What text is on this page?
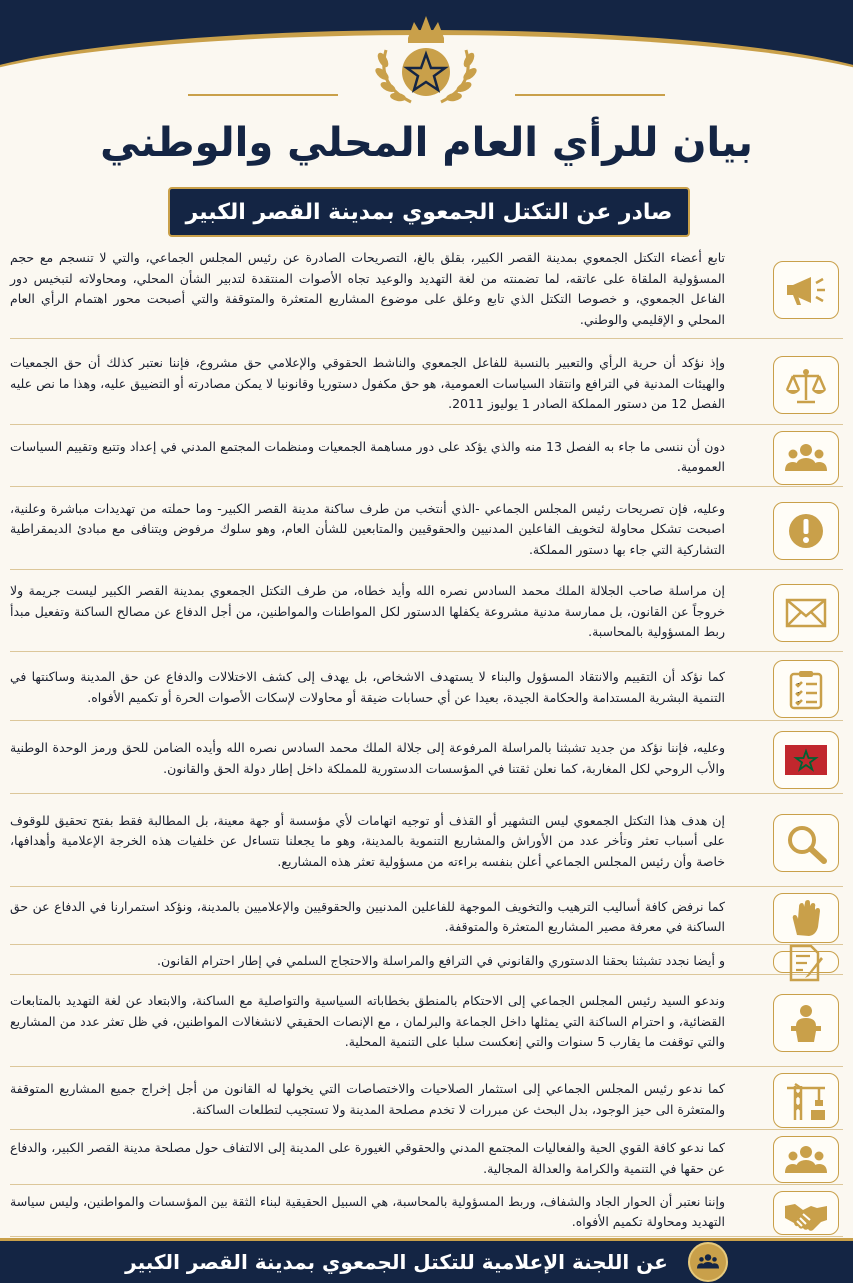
بيان للرأي العام المحلي والوطني
صادر عن التكتل الجمعوي بمدينة القصر الكبير

تابع أعضاء التكتل الجمعوي بمدينة القصر الكبير، بقلق بالغ، التصريحات الصادرة عن رئيس المجلس الجماعي، والتي لا تنسجم مع حجم المسؤولية الملقاة على عاتقه، لما تضمنته من لغة التهديد والوعيد تجاه الأصوات المنتقدة لتدبير الشأن المحلي، ومحاولاته لتبخيس دور الفاعل الجمعوي، و خصوصا التكتل الذي تابع وعلق على موضوع المشاريع المتعثرة والمتوقفة والتي أصبحت محور اهتمام الرأي العام المحلي و الإقليمي والوطني.

وإذ نؤكد أن حرية الرأي والتعبير بالنسبة للفاعل الجمعوي والناشط الحقوقي والإعلامي حق مشروع، فإننا نعتبر كذلك أن حق الجمعيات والهيئات المدنية في الترافع وانتقاد السياسات العمومية، هو حق مكفول دستوريا وقانونيا لا يمكن مصادرته أو التضييق عليه، وهذا ما نص عليه الفصل 12 من دستور المملكة الصادر 1 يوليوز 2011.

دون أن ننسى ما جاء به الفصل 13 منه والذي يؤكد على دور مساهمة الجمعيات ومنظمات المجتمع المدني في إعداد وتتبع وتقييم السياسات العمومية.

وعليه، فإن تصريحات رئيس المجلس الجماعي -الذي أنتخب من طرف ساكنة مدينة القصر الكبير- وما حملته من تهديدات مباشرة وعلنية، اصبحت تشكل محاولة لتخويف الفاعلين المدنيين والحقوقيين والمتابعين للشأن العام، وهو سلوك مرفوض ويتنافى مع مبادئ الديمقراطية التشاركية التي جاء بها دستور المملكة.

إن مراسلة صاحب الجلالة الملك محمد السادس نصره الله وأيد خطاه، من طرف التكتل الجمعوي بمدينة القصر الكبير ليست جريمة ولا خروجاً عن القانون، بل ممارسة مدنية مشروعة يكفلها الدستور لكل المواطنات والمواطنين، من أجل الدفاع عن مصالح الساكنة وتفعيل مبدأ ربط المسؤولية بالمحاسبة.

كما نؤكد أن التقييم والانتقاد المسؤول والبناء لا يستهدف الاشخاص، بل يهدف إلى كشف الاختلالات والدفاع عن حق المدينة وساكنتها في التنمية البشرية المستدامة والحكامة الجيدة، بعيدا عن أي حسابات ضيقة أو محاولات لإسكات الأصوات الحرة أو تكميم الأفواه.

وعليه، فإننا نؤكد من جديد تشبثنا بالمراسلة المرفوعة إلى جلالة الملك محمد السادس نصره الله وأيده الضامن للحق ورمز الوحدة الوطنية والأب الروحي لكل المغاربة، كما نعلن ثقتنا في المؤسسات الدستورية للمملكة داخل إطار دولة الحق والقانون.

إن هدف هذا التكتل الجمعوي ليس التشهير أو القذف أو توجيه اتهامات لأي مؤسسة أو جهة معينة، بل المطالبة فقط بفتح تحقيق للوقوف على أسباب تعثر وتأخر عدد من الأوراش والمشاريع التنموية بالمدينة، وهو ما يجعلنا نتساءل عن خلفيات هذه الخرجة الإعلامية وأهدافها، خاصة وأن رئيس المجلس الجماعي أعلن بنفسه براءته من مسؤولية تعثر هذه المشاريع.

كما نرفض كافة أساليب الترهيب والتخويف الموجهة للفاعلين المدنيين والحقوقيين والإعلاميين بالمدينة، ونؤكد استمرارنا في الدفاع عن حق الساكنة في معرفة مصير المشاريع المتعثرة والمتوقفة.

و أيضا نجدد تشبثنا بحقنا الدستوري والقانوني في الترافع والمراسلة والاحتجاج السلمي في إطار احترام القانون.

وندعو السيد رئيس المجلس الجماعي إلى الاحتكام بالمنطق بخطاباته السياسية والتواصلية مع الساكنة، والابتعاد عن لغة التهديد بالمتابعات القضائية، و احترام الساكنة التي يمثلها داخل الجماعة والبرلمان ، مع الإنصات الحقيقي لانشغالات المواطنين، في ظل تعثر عدد من المشاريع والتي توقفت ما يقارب 5 سنوات والتي إنعكست سلبا على التنمية المحلية.

كما ندعو رئيس المجلس الجماعي إلى استثمار الصلاحيات والاختصاصات التي يخولها له القانون من أجل إخراج جميع المشاريع المتوقفة والمتعثرة الى حيز الوجود، بدل البحث عن مبررات لا تخدم مصلحة المدينة ولا تستجيب لتطلعات الساكنة.

كما ندعو كافة القوي الحية والفعاليات المجتمع المدني والحقوقي الغيورة على المدينة إلى الالتفاف حول مصلحة مدينة القصر الكبير، والدفاع عن حقها في التنمية والكرامة والعدالة المجالية.

وإننا نعتبر أن الحوار الجاد والشفاف، وربط المسؤولية بالمحاسبة، هي السبيل الحقيقية لبناء الثقة بين المؤسسات والمواطنين، وليس سياسة التهديد ومحاولة تكميم الأفواه.

عن اللجنة الإعلامية للتكتل الجمعوي بمدينة القصر الكبير
